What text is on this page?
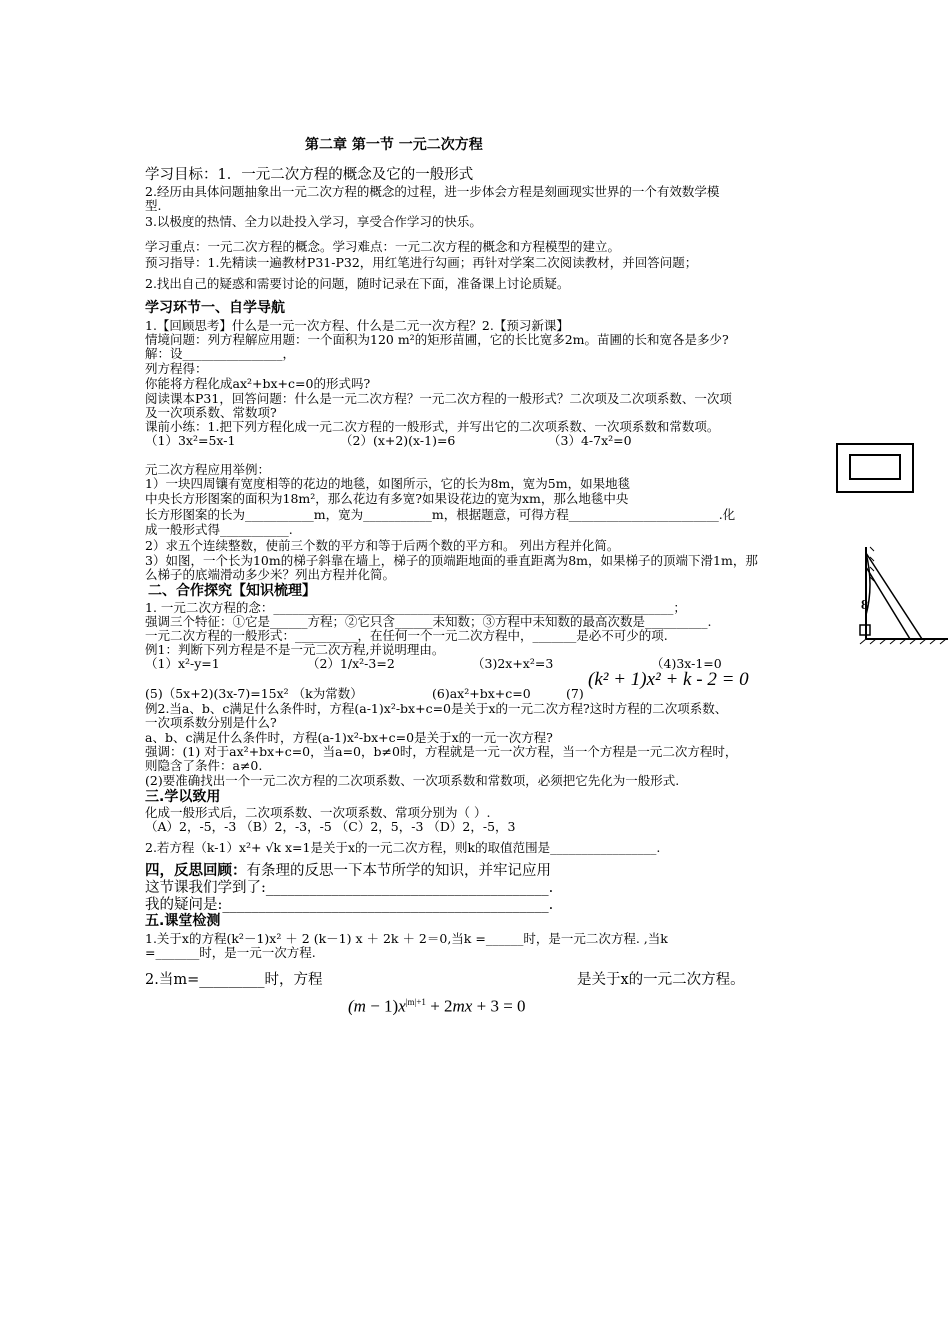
第二章 第一节 一元二次方程
学习目标：1．一元二次方程的概念及它的一般形式
2.经历由具体问题抽象出一元二次方程的概念的过程，进一步体会方程是刻画现实世界的一个有效数学模
型.
3.以极度的热情、全力以赴投入学习，享受合作学习的快乐。
学习重点：一元二次方程的概念。学习难点：一元二次方程的概念和方程模型的建立。
预习指导：1.先精读一遍教材P31-P32，用红笔进行勾画；再针对学案二次阅读教材，并回答问题；
2.找出自己的疑惑和需要讨论的问题，随时记录在下面，准备课上讨论质疑。
学习环节一、自学导航
1.【回顾思考】什么是一元一次方程、什么是二元一次方程？2.【预习新课】
情境问题：列方程解应用题：一个面积为120 m²的矩形苗圃，它的长比宽多2m。苗圃的长和宽各是多少?
解：设________________，
列方程得：
你能将方程化成ax²+bx+c=0的形式吗?
阅读课本P31，回答问题：什么是一元二次方程？一元二次方程的一般形式？二次项及二次项系数、一次项
及一次项系数、常数项?
课前小练：1.把下列方程化成一元二次方程的一般形式，并写出它的二次项系数、一次项系数和常数项。
（1）3x²=5x-1	（2）(x+2)(x-1)=6	（3）4-7x²=0
元二次方程应用举例：
1）一块四周镶有宽度相等的花边的地毯，如图所示，它的长为8m，宽为5m，如果地毯
中央长方形图案的面积为18m²，那么花边有多宽?如果设花边的宽为xm，那么地毯中央
长方形图案的长为___________m，宽为___________m，根据题意，可得方程________________________.化
成一般形式得___________.
2）求五个连续整数，使前三个数的平方和等于后两个数的平方和。 列出方程并化简。
3）如图，一个长为10m的梯子斜靠在墙上，梯子的顶端距地面的垂直距离为8m，如果梯子的顶端下滑1m，那
么梯子的底端滑动多少米？列出方程并化简。
二、合作探究【知识梳理】
1. 一元二次方程的念：________________________________________________________________；
强调三个特征：①它是______方程；②它只含______未知数；③方程中未知数的最高次数是__________.
一元二次方程的一般形式：__________，在任何一个一元二次方程中，_______是必不可少的项.
例1：判断下列方程是不是一元二次方程,并说明理由。
（1）x²-y=1	（2）1/x²-3=2	（3)2x+x²=3	（4)3x-1=0
(5)（5x+2)(3x-7)=15x² （k为常数）	(6)ax²+bx+c=0	(7)
(k² + 1)x² + k - 2 = 0
例2.当a、b、c满足什么条件时，方程(a-1)x²-bx+c=0是关于x的一元二次方程?这时方程的二次项系数、
一次项系数分别是什么?
a、b、c满足什么条件时，方程(a-1)x²-bx+c=0是关于x的一元一次方程?
强调：(1) 对于ax²+bx+c=0，当a=0，b≠0时，方程就是一元一次方程，当一个方程是一元二次方程时，
则隐含了条件：a≠0.
(2)要准确找出一个一元二次方程的二次项系数、一次项系数和常数项，必须把它先化为一般形式.
三.学以致用
化成一般形式后，二次项系数、一次项系数、常项分别为（ ）.
（A）2，-5，-3 （B）2，-3，-5 （C）2，5，-3 （D）2，-5，3
2.若方程（k-1）x²+ √k x=1是关于x的一元二次方程，则k的取值范围是_________________.
四，反思回顾：有条理的反思一下本节所学的知识，并牢记应用
这节课我们学到了:_______________________________________.
我的疑问是:_____________________________________________.
五.课堂检测
1.关于x的方程(k²－1)x² ＋ 2 (k－1) x ＋ 2k ＋ 2＝0,当k =______时，是一元二次方程. ,当k
=_______时，是一元一次方程.
2.当m=_________时，方程	是关于x的一元二次方程。
$(m - 1)x^{|m|+1} + 2mx + 3 = 0$
8
